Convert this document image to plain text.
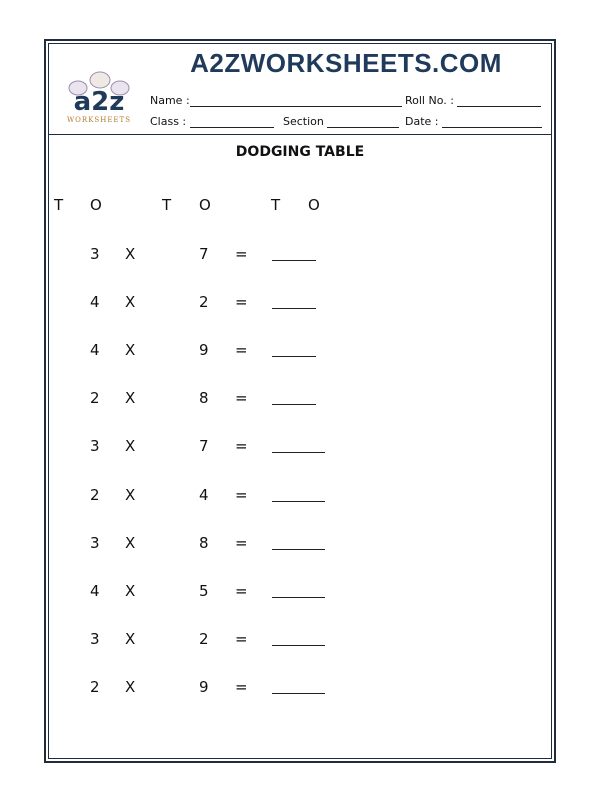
a2z
WORKSHEETS
A2ZWORKSHEETS.COM
Name :	Roll No. :
Class :	Section	Date :
DODGING TABLE
T O	T O	T O
3 X	7 =
4 X	2 =
4 X	9 =
2 X	8 =
3 X	7 =
2 X	4 =
3 X	8 =
4 X	5 =
3 X	2 =
2 X	9 =
